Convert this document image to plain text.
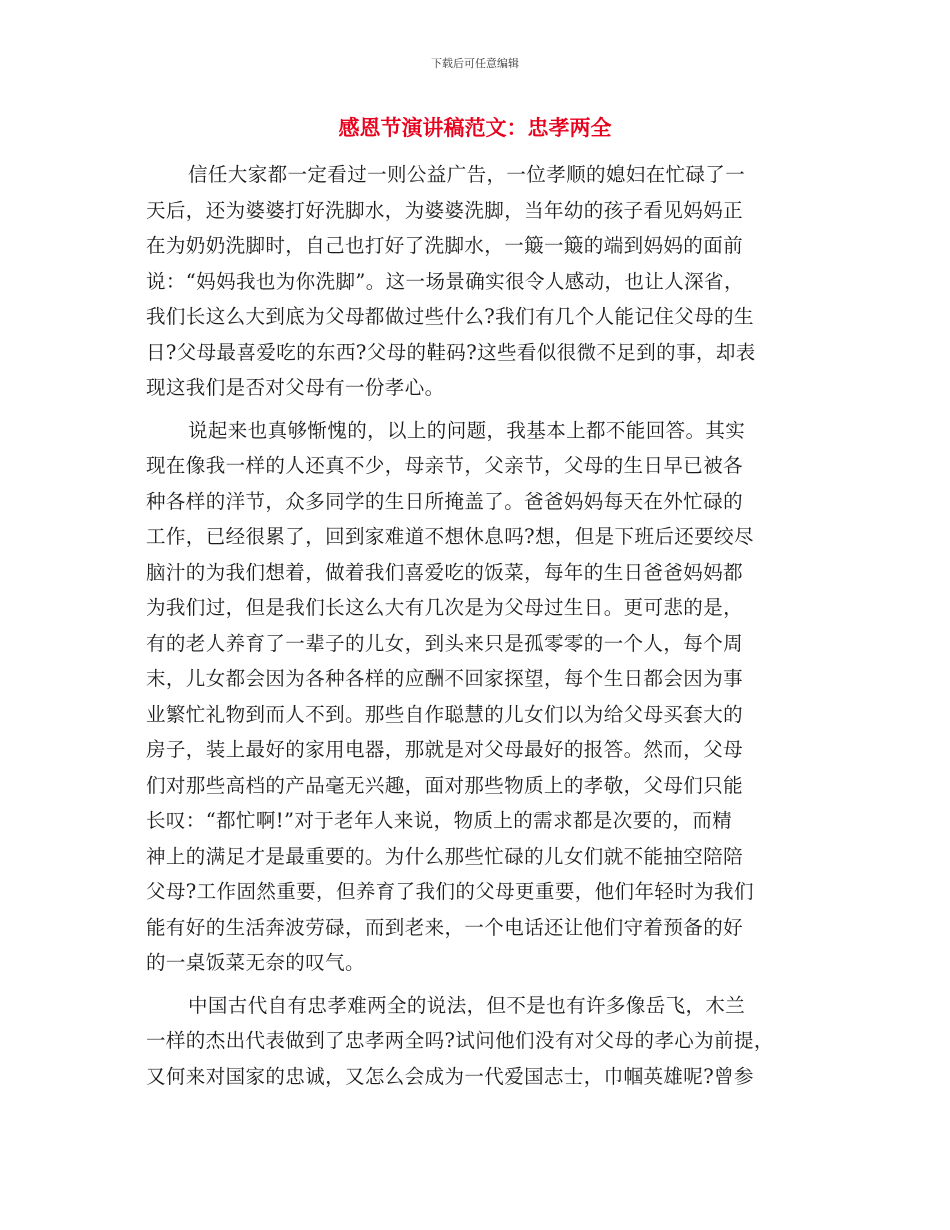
下载后可任意编辑
感恩节演讲稿范文：忠孝两全
信任大家都一定看过一则公益广告，一位孝顺的媳妇在忙碌了一
天后，还为婆婆打好洗脚水，为婆婆洗脚，当年幼的孩子看见妈妈正
在为奶奶洗脚时，自己也打好了洗脚水，一簸一簸的端到妈妈的面前
说：“妈妈我也为你洗脚”。这一场景确实很令人感动，也让人深省，
我们长这么大到底为父母都做过些什么?我们有几个人能记住父母的生
日?父母最喜爱吃的东西?父母的鞋码?这些看似很微不足到的事，却表
现这我们是否对父母有一份孝心。
说起来也真够惭愧的，以上的问题，我基本上都不能回答。其实
现在像我一样的人还真不少，母亲节，父亲节，父母的生日早已被各
种各样的洋节，众多同学的生日所掩盖了。爸爸妈妈每天在外忙碌的
工作，已经很累了，回到家难道不想休息吗?想，但是下班后还要绞尽
脑汁的为我们想着，做着我们喜爱吃的饭菜，每年的生日爸爸妈妈都
为我们过，但是我们长这么大有几次是为父母过生日。更可悲的是，
有的老人养育了一辈子的儿女，到头来只是孤零零的一个人，每个周
末，儿女都会因为各种各样的应酬不回家探望，每个生日都会因为事
业繁忙礼物到而人不到。那些自作聪慧的儿女们以为给父母买套大的
房子，装上最好的家用电器，那就是对父母最好的报答。然而，父母
们对那些高档的产品毫无兴趣，面对那些物质上的孝敬，父母们只能
长叹：“都忙啊!”对于老年人来说，物质上的需求都是次要的，而精
神上的满足才是最重要的。为什么那些忙碌的儿女们就不能抽空陪陪
父母?工作固然重要，但养育了我们的父母更重要，他们年轻时为我们
能有好的生活奔波劳碌，而到老来，一个电话还让他们守着预备的好
的一桌饭菜无奈的叹气。
中国古代自有忠孝难两全的说法，但不是也有许多像岳飞，木兰
一样的杰出代表做到了忠孝两全吗?试问他们没有对父母的孝心为前提，
又何来对国家的忠诚，又怎么会成为一代爱国志士，巾帼英雄呢?曾参
